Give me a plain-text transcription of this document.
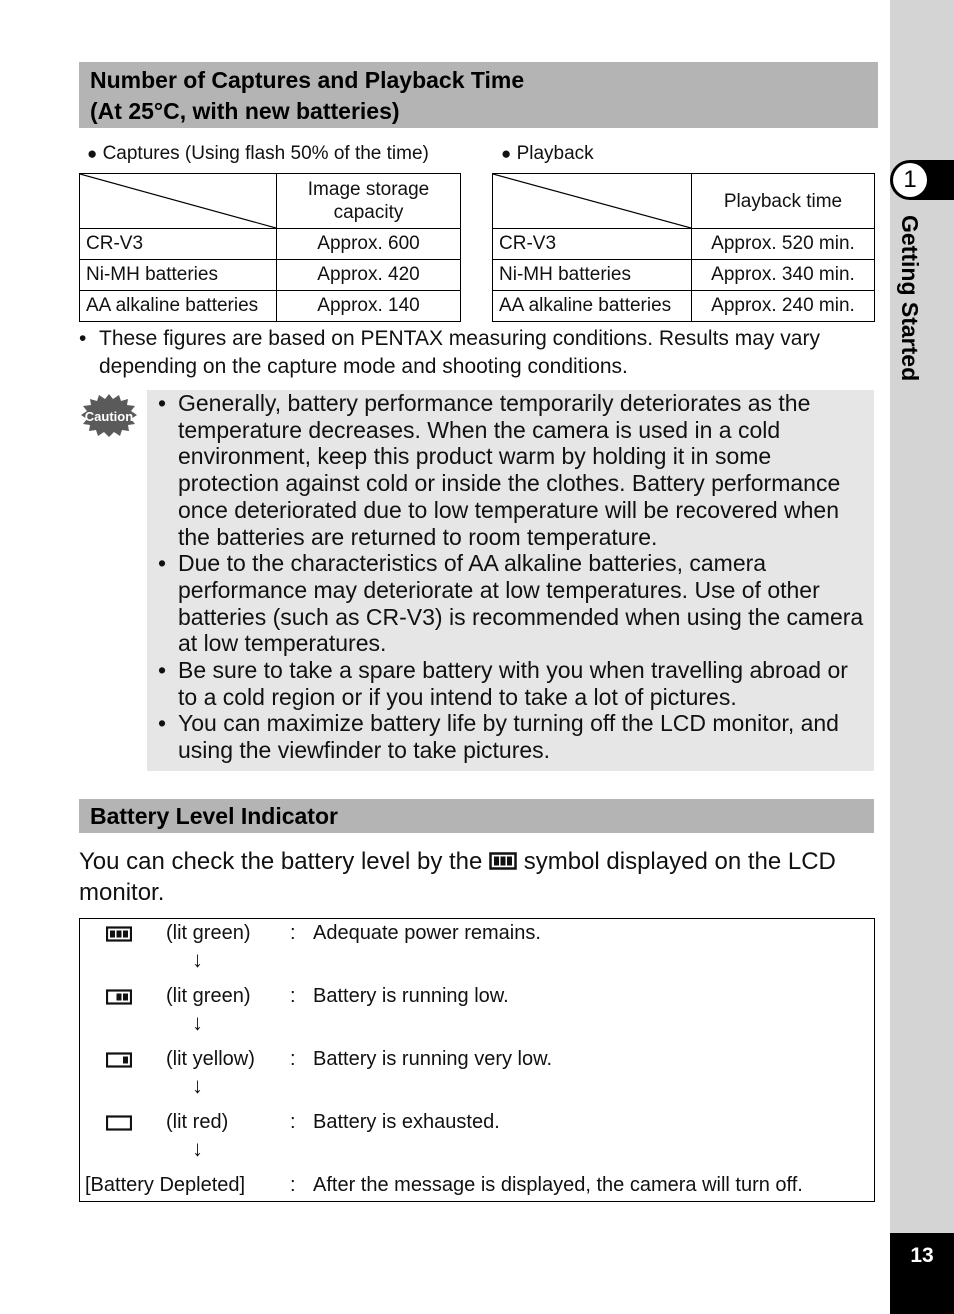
Number of Captures and Playback Time
(At 25°C, with new batteries)
● Captures (Using flash 50% of the time)	● Playback
	Image storage capacity
CR-V3	Approx. 600
Ni-MH batteries	Approx. 420
AA alkaline batteries	Approx. 140
	Playback time
CR-V3	Approx. 520 min.
Ni-MH batteries	Approx. 340 min.
AA alkaline batteries	Approx. 240 min.
• These figures are based on PENTAX measuring conditions. Results may vary depending on the capture mode and shooting conditions.
Caution
• Generally, battery performance temporarily deteriorates as the temperature decreases. When the camera is used in a cold environment, keep this product warm by holding it in some protection against cold or inside the clothes. Battery performance once deteriorated due to low temperature will be recovered when the batteries are returned to room temperature.
• Due to the characteristics of AA alkaline batteries, camera performance may deteriorate at low temperatures. Use of other batteries (such as CR-V3) is recommended when using the camera at low temperatures.
• Be sure to take a spare battery with you when travelling abroad or to a cold region or if you intend to take a lot of pictures.
• You can maximize battery life by turning off the LCD monitor, and using the viewfinder to take pictures.
Battery Level Indicator
You can check the battery level by the symbol displayed on the LCD monitor.
(lit green) : Adequate power remains.
↓
(lit green) : Battery is running low.
↓
(lit yellow) : Battery is running very low.
↓
(lit red)	: Battery is exhausted.
↓
[Battery Depleted] : After the message is displayed, the camera will turn off.
1
Getting Started
13
